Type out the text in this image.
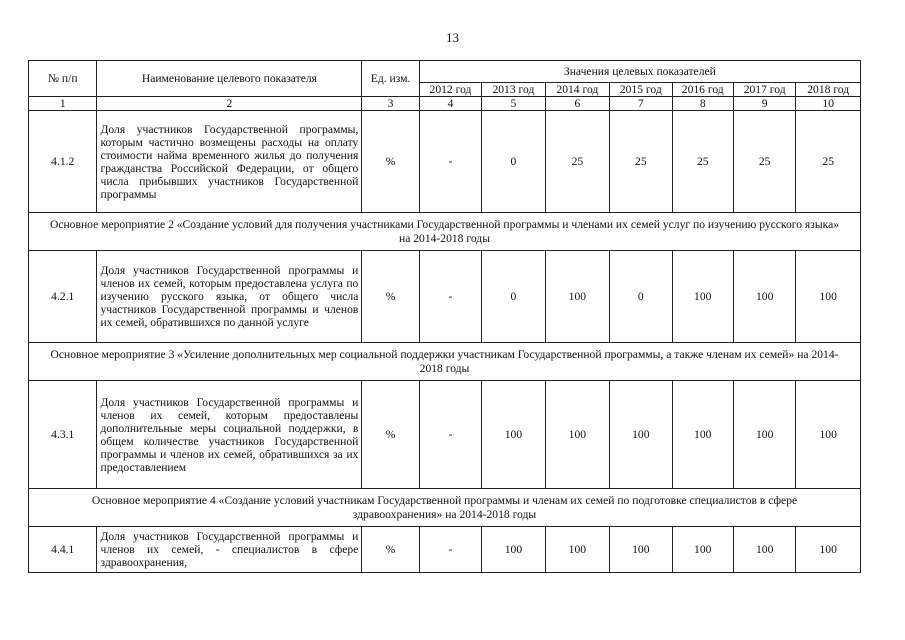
13
№ п/п	Наименование целевого показателя	Ед. изм.	Значения целевых показателей						
			2012 год	2013 год	2014 год	2015 год	2016 год	2017 год	2018 год
1	2	3	4	5	6	7	8	9	10
4.1.2	Доля участников Государственной программы, которым частично возмещены расходы на оплату стоимости найма временного жилья до получения гражданства Российской Федерации, от общего числа прибывших участников Государственной программы	%	-	0	25	25	25	25	25
Основное мероприятие 2 «Создание условий для получения участниками Государственной программы и членами их семей услуг по изучению русского языка» на 2014-2018 годы									
4.2.1	Доля участников Государственной программы и членов их семей, которым предоставлена услуга по изучению русского языка, от общего числа участников Государственной программы и членов их семей, обратившихся по данной услуге	%	-	0	100	0	100	100	100
Основное мероприятие 3 «Усиление дополнительных мер социальной поддержки участникам Государственной программы, а также членам их семей» на 2014-2018 годы									
4.3.1	Доля участников Государственной программы и членов их семей, которым предоставлены дополнительные меры социальной поддержки, в общем количестве участников Государственной программы и членов их семей, обратившихся за их предоставлением	%	-	100	100	100	100	100	100
Основное мероприятие 4 «Создание условий участникам Государственной программы и членам их семей по подготовке специалистов в сфере здравоохранения» на 2014-2018 годы									
4.4.1	Доля участников Государственной программы и членов их семей, - специалистов в сфере здравоохранения,	%	-	100	100	100	100	100	100
